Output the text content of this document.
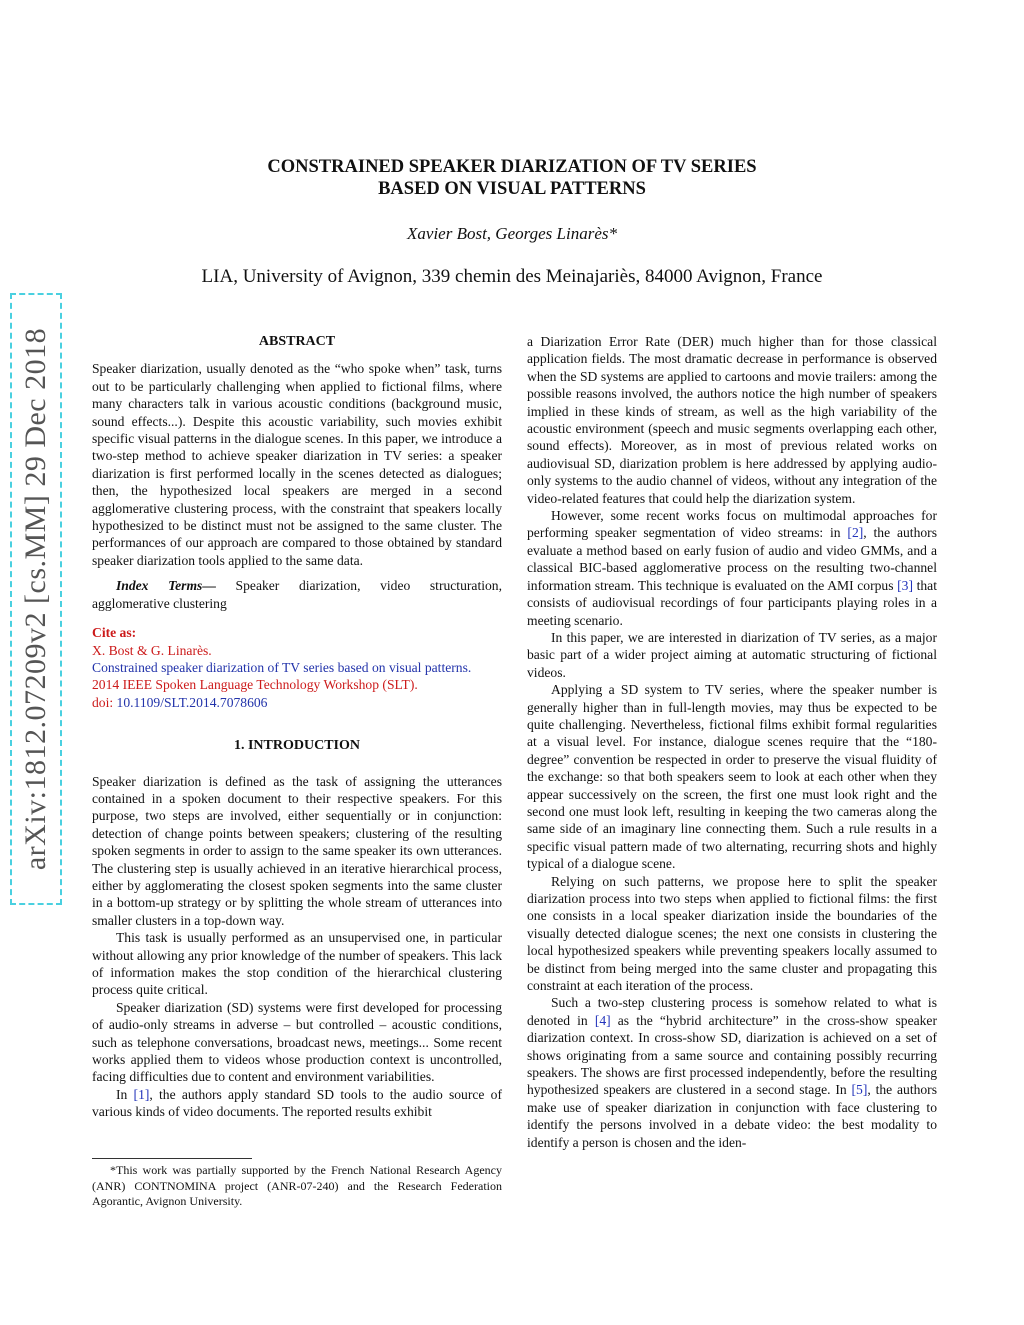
arXiv:1812.07209v2 [cs.MM] 29 Dec 2018
CONSTRAINED SPEAKER DIARIZATION OF TV SERIES
BASED ON VISUAL PATTERNS
Xavier Bost, Georges Linarès*
LIA, University of Avignon, 339 chemin des Meinajariès, 84000 Avignon, France
ABSTRACT

Speaker diarization, usually denoted as the “who spoke when” task, turns out to be particularly challenging when applied to fictional films, where many characters talk in various acoustic conditions (background music, sound effects...). Despite this acoustic variability, such movies exhibit specific visual patterns in the dialogue scenes. In this paper, we introduce a two-step method to achieve speaker diarization in TV series: a speaker diarization is first performed locally in the scenes detected as dialogues; then, the hypothesized local speakers are merged in a second agglomerative clustering process, with the constraint that speakers locally hypothesized to be distinct must not be assigned to the same cluster. The performances of our approach are compared to those obtained by standard speaker diarization tools applied to the same data.

Index Terms— Speaker diarization, video structuration, agglomerative clustering

Cite as:
X. Bost & G. Linarès.
Constrained speaker diarization of TV series based on visual patterns.
2014 IEEE Spoken Language Technology Workshop (SLT).
doi: 10.1109/SLT.2014.7078606
1. INTRODUCTION

Speaker diarization is defined as the task of assigning the utterances contained in a spoken document to their respective speakers. For this purpose, two steps are involved, either sequentially or in conjunction: detection of change points between speakers; clustering of the resulting spoken segments in order to assign to the same speaker its own utterances. The clustering step is usually achieved in an iterative hierarchical process, either by agglomerating the closest spoken segments into the same cluster in a bottom-up strategy or by splitting the whole stream of utterances into smaller clusters in a top-down way.

This task is usually performed as an unsupervised one, in particular without allowing any prior knowledge of the number of speakers. This lack of information makes the stop condition of the hierarchical clustering process quite critical.

Speaker diarization (SD) systems were first developed for processing of audio-only streams in adverse – but controlled – acoustic conditions, such as telephone conversations, broadcast news, meetings... Some recent works applied them to videos whose production context is uncontrolled, facing difficulties due to content and environment variabilities.

In [1], the authors apply standard SD tools to the audio source of various kinds of video documents. The reported results exhibit

*This work was partially supported by the French National Research Agency (ANR) CONTNOMINA project (ANR-07-240) and the Research Federation Agorantic, Avignon University.

a Diarization Error Rate (DER) much higher than for those classical application fields. The most dramatic decrease in performance is observed when the SD systems are applied to cartoons and movie trailers: among the possible reasons involved, the authors notice the high number of speakers implied in these kinds of stream, as well as the high variability of the acoustic environment (speech and music segments overlapping each other, sound effects). Moreover, as in most of previous related works on audiovisual SD, diarization problem is here addressed by applying audio-only systems to the audio channel of videos, without any integration of the video-related features that could help the diarization system.

However, some recent works focus on multimodal approaches for performing speaker segmentation of video streams: in [2], the authors evaluate a method based on early fusion of audio and video GMMs, and a classical BIC-based agglomerative process on the resulting two-channel information stream. This technique is evaluated on the AMI corpus [3] that consists of audiovisual recordings of four participants playing roles in a meeting scenario.

In this paper, we are interested in diarization of TV series, as a major basic part of a wider project aiming at automatic structuring of fictional videos.

Applying a SD system to TV series, where the speaker number is generally higher than in full-length movies, may thus be expected to be quite challenging. Nevertheless, fictional films exhibit formal regularities at a visual level. For instance, dialogue scenes require that the “180-degree” convention be respected in order to preserve the visual fluidity of the exchange: so that both speakers seem to look at each other when they appear successively on the screen, the first one must look right and the second one must look left, resulting in keeping the two cameras along the same side of an imaginary line connecting them. Such a rule results in a specific visual pattern made of two alternating, recurring shots and highly typical of a dialogue scene.

Relying on such patterns, we propose here to split the speaker diarization process into two steps when applied to fictional films: the first one consists in a local speaker diarization inside the boundaries of the visually detected dialogue scenes; the next one consists in clustering the local hypothesized speakers while preventing speakers locally assumed to be distinct from being merged into the same cluster and propagating this constraint at each iteration of the process.

Such a two-step clustering process is somehow related to what is denoted in [4] as the “hybrid architecture” in the cross-show speaker diarization context. In cross-show SD, diarization is achieved on a set of shows originating from a same source and containing possibly recurring speakers. The shows are first processed independently, before the resulting hypothesized speakers are clustered in a second stage. In [5], the authors make use of speaker diarization in conjunction with face clustering to identify the persons involved in a debate video: the best modality to identify a person is chosen and the iden-
